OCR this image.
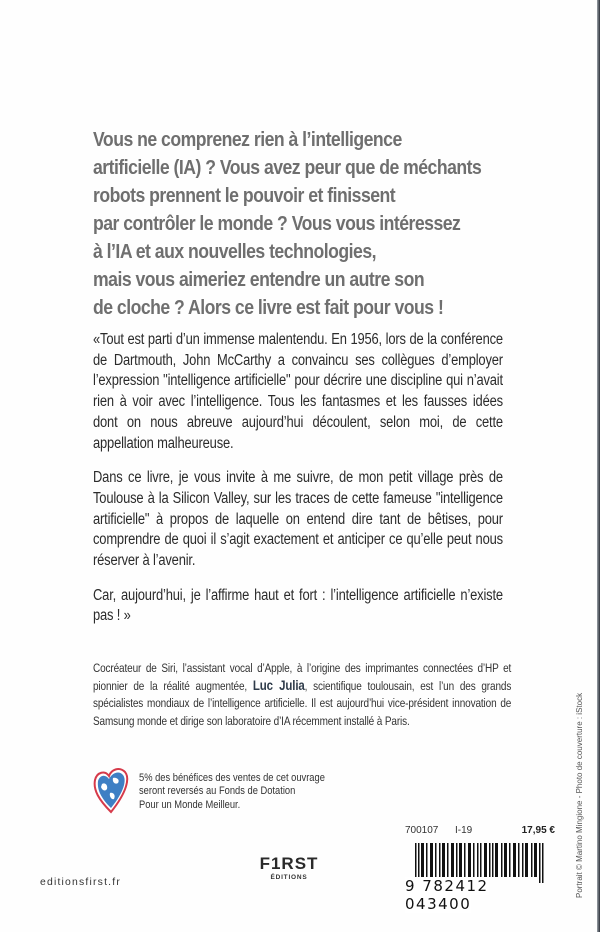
Vous ne comprenez rien à l’intelligence
artificielle (IA) ? Vous avez peur que de méchants
robots prennent le pouvoir et finissent
par contrôler le monde ? Vous vous intéressez
à l’IA et aux nouvelles technologies,
mais vous aimeriez entendre un autre son
de cloche ? Alors ce livre est fait pour vous !

«Tout est parti d’un immense malentendu. En 1956, lors de la conférence de Dartmouth, John McCarthy a convaincu ses collègues d’employer l’expression "intelligence artificielle" pour décrire une discipline qui n’avait rien à voir avec l’intelligence. Tous les fantasmes et les fausses idées dont on nous abreuve aujourd’hui découlent, selon moi, de cette appellation malheureuse.

Dans ce livre, je vous invite à me suivre, de mon petit village près de Toulouse à la Silicon Valley, sur les traces de cette fameuse "intelligence artificielle" à propos de laquelle on entend dire tant de bêtises, pour comprendre de quoi il s’agit exactement et anticiper ce qu’elle peut nous réserver à l’avenir.

Car, aujourd’hui, je l’affirme haut et fort : l’intelligence artificielle n’existe pas ! »

Cocréateur de Siri, l’assistant vocal d’Apple, à l’origine des imprimantes connectées d’HP et pionnier de la réalité augmentée, Luc Julia, scientifique toulousain, est l’un des grands spécialistes mondiaux de l’intelligence artificielle. Il est aujourd’hui vice-président innovation de Samsung monde et dirige son laboratoire d’IA récemment installé à Paris.
5% des bénéfices des ventes de cet ouvrage
seront reversés au Fonds de Dotation
Pour un Monde Meilleur.
editionsfirst.fr
F1RST
ÉDITIONS
700107 I-19	17,95 €
9 782412 043400
Portrait © Martino Mingione - Photo de couverture : iStock
